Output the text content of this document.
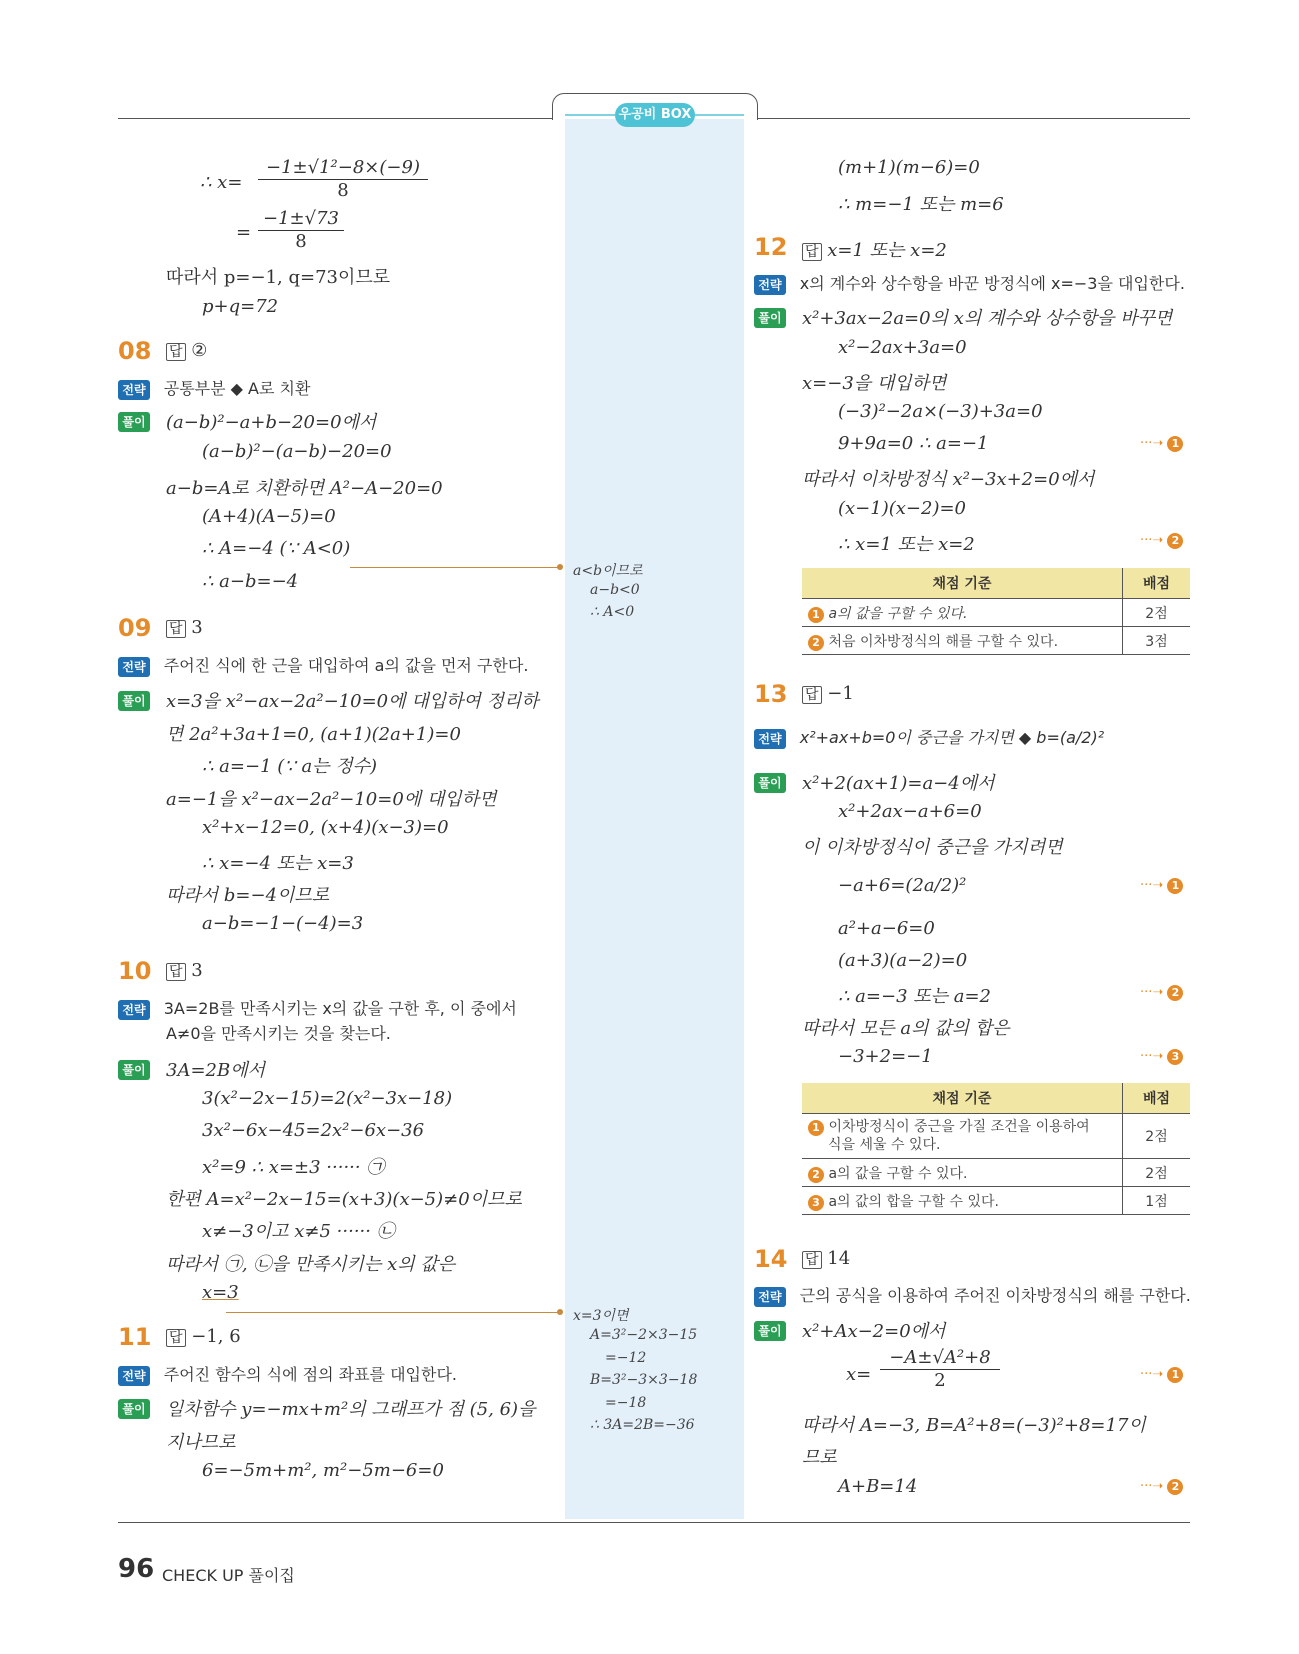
우공비 BOX
∴ $x= \frac{\text{−1±√1²−8×(−9)}}{8}$
= $\frac{-1\pm√73}{8}$
따라서 p=−1, q=73이므로
p+q=72
08 답 ②
전략 공통부분 ◆ A로 치환
풀이 (a−b)²−a+b−20=0에서
(a−b)²−(a−b)−20=0
a−b=A로 치환하면 A²−A−20=0
(A+4)(A−5)=0
∴ A=−4 (∵ A<0)
∴ a−b=−4	a<b이므로
a−b<0
∴ A<0
09 답 3
전략 주어진 식에 한 근을 대입하여 a의 값을 먼저 구한다.
풀이 x=3을 x²−ax−2a²−10=0에 대입하여 정리하
면 2a²+3a+1=0, (a+1)(2a+1)=0
∴ a=−1 (∵ a는 정수)
a=−1을 x²−ax−2a²−10=0에 대입하면
x²+x−12=0, (x+4)(x−3)=0
∴ x=−4 또는 x=3
따라서 b=−4이므로
a−b=−1−(−4)=3
10 답 3
전략 3A=2B를 만족시키는 x의 값을 구한 후, 이 중에서
A≠0을 만족시키는 것을 찾는다.
풀이 3A=2B에서
3(x²−2x−15)=2(x²−3x−18)
3x²−6x−45=2x²−6x−36
x²=9 ∴ x=±3 ······ ㉠
한편 A=x²−2x−15=(x+3)(x−5)≠0이므로
x≠−3이고 x≠5 ······ ㉡
따라서 ㉠, ㉡을 만족시키는 x의 값은
x=3
x=3이면
A=3²−2×3−15
=−12
B=3²−3×3−18
=−18
∴ 3A=2B=−36
11 답 −1, 6
전략 주어진 함수의 식에 점의 좌표를 대입한다.
풀이 일차함수 y=−mx+m²의 그래프가 점 (5, 6)을
지나므로
6=−5m+m², m²−5m−6=0
(m+1)(m−6)=0
∴ m=−1 또는 m=6
12 답 x=1 또는 x=2
전략 x의 계수와 상수항을 바꾼 방정식에 x=−3을 대입한다.
풀이 x²+3ax−2a=0의 x의 계수와 상수항을 바꾸면
x²−2ax+3a=0
x=−3을 대입하면
(−3)²−2a×(−3)+3a=0
9+9a=0 ∴ a=−1	···➝ 1
따라서 이차방정식 x²−3x+2=0에서
(x−1)(x−2)=0
∴ x=1 또는 x=2	···➝ 2
채점 기준	배점
1 a의 값을 구할 수 있다.	2점
2 처음 이차방정식의 해를 구할 수 있다.	3점
13 답 −1
전략 x²+ax+b=0이 중근을 가지면 ◆ b=(a/2)²
풀이 x²+2(ax+1)=a−4에서
x²+2ax−a+6=0
이 이차방정식이 중근을 가지려면
−a+6=(2a/2)²	···➝ 1
a²+a−6=0
(a+3)(a−2)=0
∴ a=−3 또는 a=2	···➝ 2
따라서 모든 a의 값의 합은
−3+2=−1	···➝ 3
채점 기준	배점
1 이차방정식이 중근을 가질 조건을 이용하여
식을 세울 수 있다.	2점
2 a의 값을 구할 수 있다.	2점
3 a의 값의 합을 구할 수 있다.	1점
14 답 14
전략 근의 공식을 이용하여 주어진 이차방정식의 해를 구한다.
풀이 x²+Ax−2=0에서
$x= \frac{\text{−A±√A²+8}}{2}$	···➝ 1
따라서 A=−3, B=A²+8=(−3)²+8=17이
므로
A+B=14	···➝ 2
96 CHECK UP 풀이집
